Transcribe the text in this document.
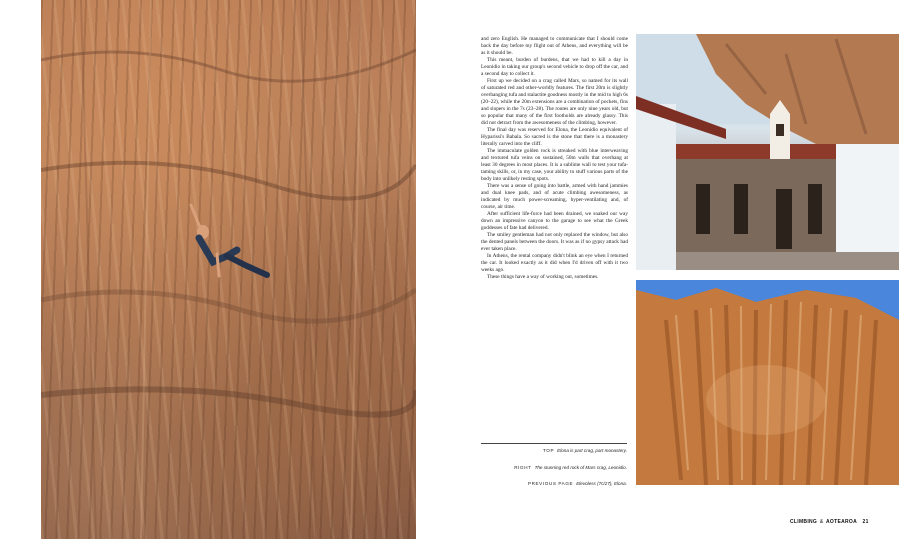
and zero English. He managed to communicate that I should come back the day before my flight out of Athens, and everything will be as it should be.

This meant, burden of burdens, that we had to kill a day in Leonidio in taking our group's second vehicle to drop off the car, and a second day to collect it.

First up we decided on a crag called Mars, so named for its wall of saturated red and other-worldly features. The first 20m is slightly overhanging tufa and stalactite goodness mostly in the mid to high 6s (20–22), while the 20m extensions are a combination of pockets, fins and slopers in the 7s (23–28). The routes are only nine years old, but so popular that many of the first footholds are already glassy. This did not detract from the awesomeness of the climbing, however.

The final day was reserved for Elona, the Leonidio equivalent of Hyparissi's Babala. So sacred is the stone that there is a monastery literally carved into the cliff.

The immaculate golden rock is streaked with blue interweaving and textured tufa veins on sustained, 50m walls that overhang at least 30 degrees in most places. It is a sublime wall to test your tufa-taming skills, or, in my case, your ability to stuff various parts of the body into unlikely resting spots.

There was a sense of going into battle, armed with hand jammies and dual knee pads, and of acute climbing awesomeness, as indicated by much power-screaming, hyper-ventilating and, of course, air time.

After sufficient life-force had been drained, we snaked our way down an impressive canyon to the garage to see what the Greek goddesses of fate had delivered.

The smiley gentleman had not only replaced the window, but also the dented panels between the doors. It was as if no gypsy attack had ever taken place.

In Athens, the rental company didn't blink an eye when I returned the car. It looked exactly as it did when I'd driven off with it two weeks ago.

These things have a way of working out, sometimes.

TOP Elona is part crag, part monastery.
RIGHT The stunning red rock of Mars crag, Leonidio.
PREVIOUS PAGE Elevoless (7c/27), Elona.
CLIMBING & AOTEAROA 21
